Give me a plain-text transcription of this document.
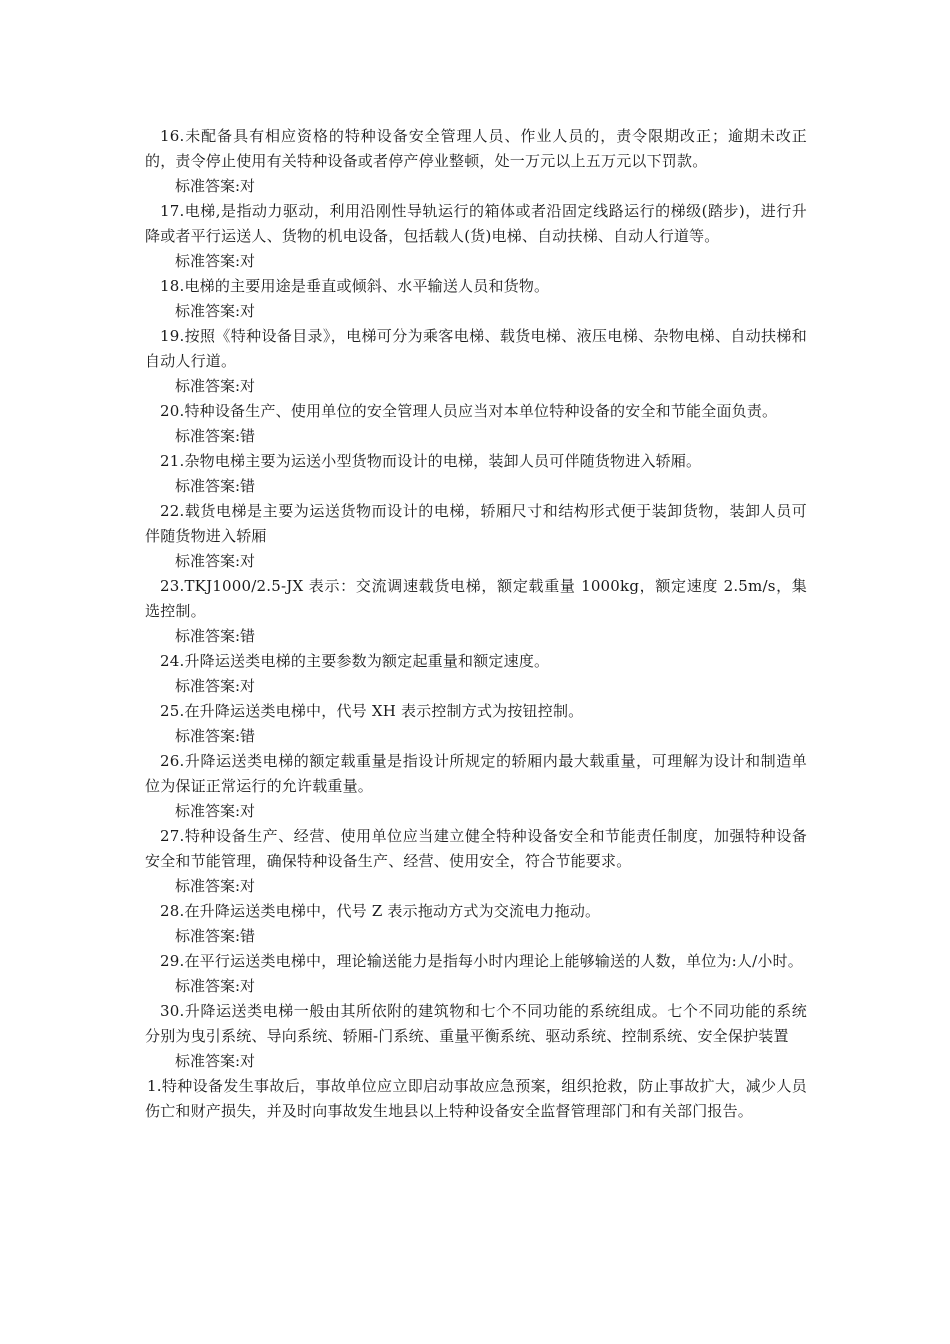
16.未配备具有相应资格的特种设备安全管理人员、作业人员的，责令限期改正；逾期未改正的，责令停止使用有关特种设备或者停产停业整顿，处一万元以上五万元以下罚款。

标准答案:对

17.电梯,是指动力驱动，利用沿刚性导轨运行的箱体或者沿固定线路运行的梯级(踏步)，进行升降或者平行运送人、货物的机电设备，包括载人(货)电梯、自动扶梯、自动人行道等。

标准答案:对

18.电梯的主要用途是垂直或倾斜、水平输送人员和货物。

标准答案:对

19.按照《特种设备目录》，电梯可分为乘客电梯、载货电梯、液压电梯、杂物电梯、自动扶梯和自动人行道。

标准答案:对

20.特种设备生产、使用单位的安全管理人员应当对本单位特种设备的安全和节能全面负责。

标准答案:错

21.杂物电梯主要为运送小型货物而设计的电梯，装卸人员可伴随货物进入轿厢。

标准答案:错

22.载货电梯是主要为运送货物而设计的电梯，轿厢尺寸和结构形式便于装卸货物，装卸人员可伴随货物进入轿厢

标准答案:对

23.TKJ1000/2.5-JX 表示：交流调速载货电梯，额定载重量 1000kg，额定速度 2.5m/s，集选控制。

标准答案:错

24.升降运送类电梯的主要参数为额定起重量和额定速度。

标准答案:对

25.在升降运送类电梯中，代号 XH 表示控制方式为按钮控制。

标准答案:错

26.升降运送类电梯的额定载重量是指设计所规定的轿厢内最大载重量，可理解为设计和制造单位为保证正常运行的允许载重量。

标准答案:对

27.特种设备生产、经营、使用单位应当建立健全特种设备安全和节能责任制度，加强特种设备安全和节能管理，确保特种设备生产、经营、使用安全，符合节能要求。

标准答案:对

28.在升降运送类电梯中，代号 Z 表示拖动方式为交流电力拖动。

标准答案:错

29.在平行运送类电梯中，理论输送能力是指每小时内理论上能够输送的人数，单位为:人/小时。

标准答案:对

30.升降运送类电梯一般由其所依附的建筑物和七个不同功能的系统组成。七个不同功能的系统分别为曳引系统、导向系统、轿厢-门系统、重量平衡系统、驱动系统、控制系统、安全保护装置

标准答案:对

1.特种设备发生事故后，事故单位应立即启动事故应急预案，组织抢救，防止事故扩大，减少人员伤亡和财产损失，并及时向事故发生地县以上特种设备安全监督管理部门和有关部门报告。
